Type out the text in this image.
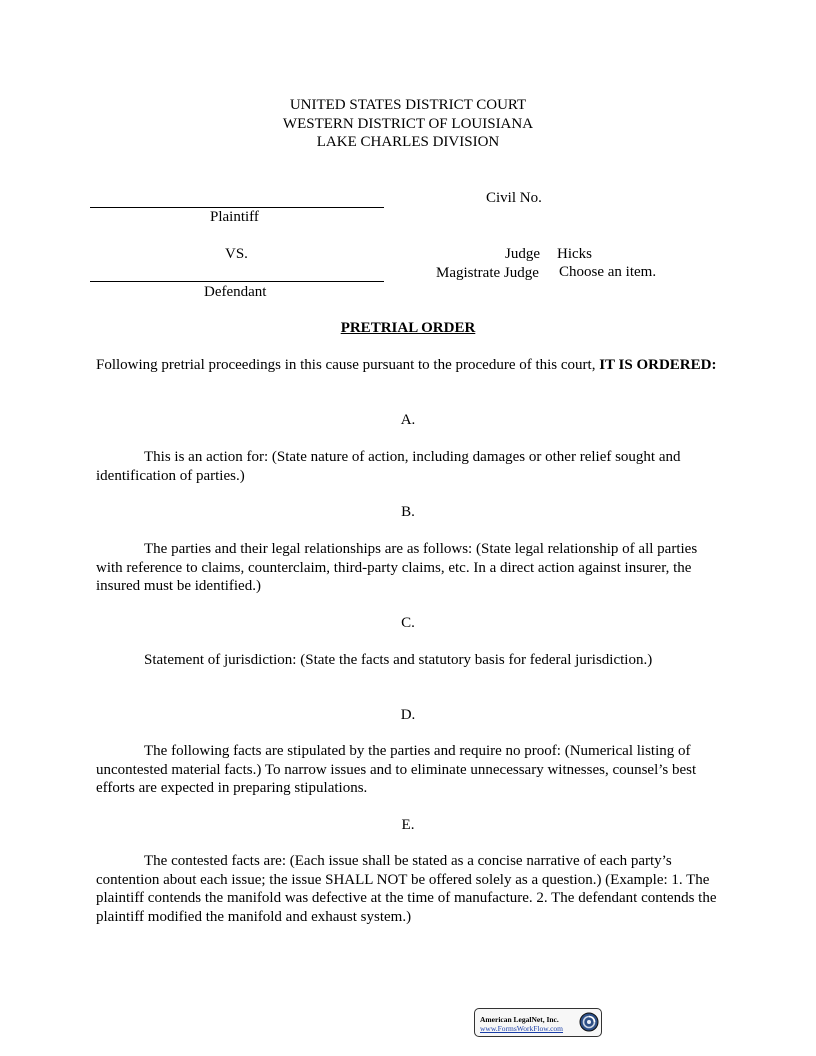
UNITED STATES DISTRICT COURT
WESTERN DISTRICT OF LOUISIANA
LAKE CHARLES DIVISION
Plaintiff
VS.
Defendant
Civil No.
Judge Hicks
Magistrate Judge Choose an item.
PRETRIAL ORDER
Following pretrial proceedings in this cause pursuant to the procedure of this court, IT IS ORDERED:
A.
This is an action for: (State nature of action, including damages or other relief sought and identification of parties.)
B.
The parties and their legal relationships are as follows: (State legal relationship of all parties with reference to claims, counterclaim, third-party claims, etc. In a direct action against insurer, the insured must be identified.)
C.
Statement of jurisdiction: (State the facts and statutory basis for federal jurisdiction.)
D.
The following facts are stipulated by the parties and require no proof: (Numerical listing of uncontested material facts.) To narrow issues and to eliminate unnecessary witnesses, counsel’s best efforts are expected in preparing stipulations.
E.
The contested facts are: (Each issue shall be stated as a concise narrative of each party’s contention about each issue; the issue SHALL NOT be offered solely as a question.) (Example: 1. The plaintiff contends the manifold was defective at the time of manufacture. 2. The defendant contends the plaintiff modified the manifold and exhaust system.)
American LegalNet, Inc.
www.FormsWorkFlow.com
